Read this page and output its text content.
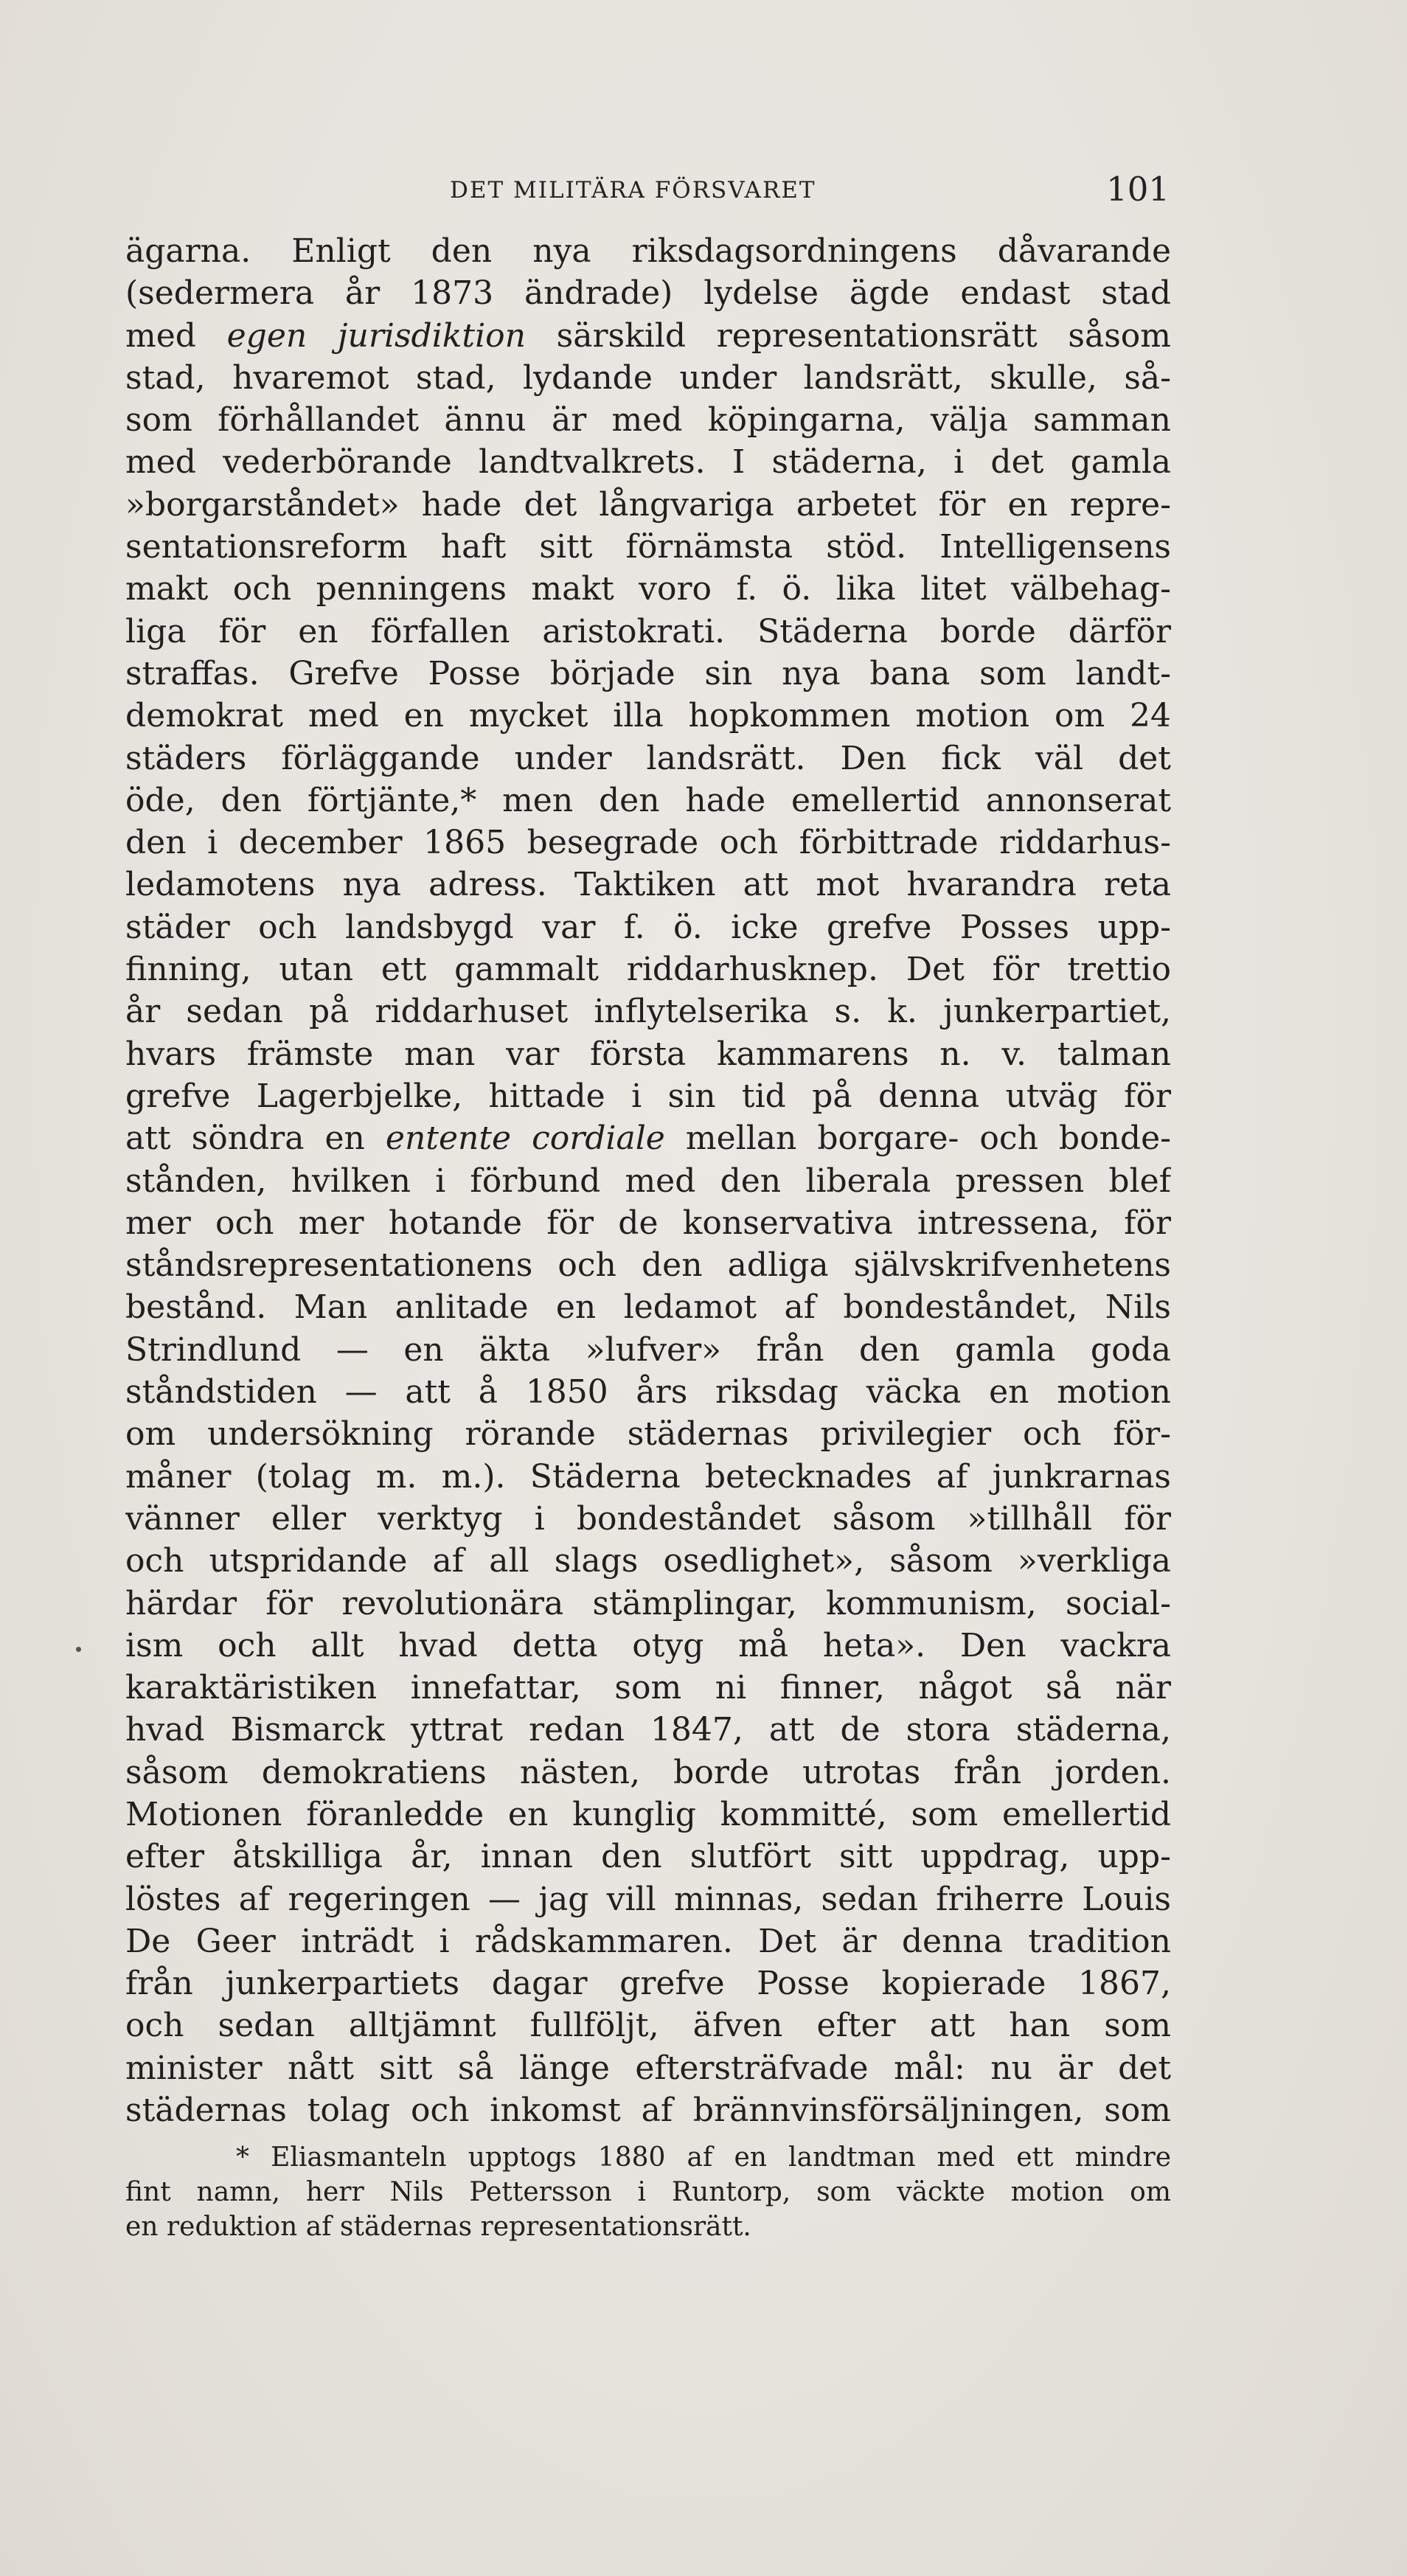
DET MILITÄRA FÖRSVARET	101
ägarna. Enligt den nya riksdagsordningens dåvarande
(sedermera år 1873 ändrade) lydelse ägde endast stad
med egen jurisdiktion särskild representationsrätt såsom
stad, hvaremot stad, lydande under landsrätt, skulle, så-
som förhållandet ännu är med köpingarna, välja samman
med vederbörande landtvalkrets. I städerna, i det gamla
»borgarståndet» hade det långvariga arbetet för en repre-
sentationsreform haft sitt förnämsta stöd. Intelligensens
makt och penningens makt voro f. ö. lika litet välbehag-
liga för en förfallen aristokrati. Städerna borde därför
straffas. Grefve Posse började sin nya bana som landt-
demokrat med en mycket illa hopkommen motion om 24
städers förläggande under landsrätt. Den fick väl det
öde, den förtjänte,* men den hade emellertid annonserat
den i december 1865 besegrade och förbittrade riddarhus-
ledamotens nya adress. Taktiken att mot hvarandra reta
städer och landsbygd var f. ö. icke grefve Posses upp-
finning, utan ett gammalt riddarhusknep. Det för trettio
år sedan på riddarhuset inflytelserika s. k. junkerpartiet,
hvars främste man var första kammarens n. v. talman
grefve Lagerbjelke, hittade i sin tid på denna utväg för
att söndra en entente cordiale mellan borgare- och bonde-
stånden, hvilken i förbund med den liberala pressen blef
mer och mer hotande för de konservativa intressena, för
ståndsrepresentationens och den adliga självskrifvenhetens
bestånd. Man anlitade en ledamot af bondeståndet, Nils
Strindlund — en äkta »lufver» från den gamla goda
ståndstiden — att å 1850 års riksdag väcka en motion
om undersökning rörande städernas privilegier och för-
måner (tolag m. m.). Städerna betecknades af junkrarnas
vänner eller verktyg i bondeståndet såsom »tillhåll för
och utspridande af all slags osedlighet», såsom »verkliga
härdar för revolutionära stämplingar, kommunism, social-
ism och allt hvad detta otyg må heta». Den vackra
karaktäristiken innefattar, som ni finner, något så när
hvad Bismarck yttrat redan 1847, att de stora städerna,
såsom demokratiens nästen, borde utrotas från jorden.
Motionen föranledde en kunglig kommitté, som emellertid
efter åtskilliga år, innan den slutfört sitt uppdrag, upp-
löstes af regeringen — jag vill minnas, sedan friherre Louis
De Geer inträdt i rådskammaren. Det är denna tradition
från junkerpartiets dagar grefve Posse kopierade 1867,
och sedan alltjämnt fullföljt, äfven efter att han som
minister nått sitt så länge eftersträfvade mål: nu är det
städernas tolag och inkomst af brännvinsförsäljningen, som
* Eliasmanteln upptogs 1880 af en landtman med ett mindre
fint namn, herr Nils Pettersson i Runtorp, som väckte motion om
en reduktion af städernas representationsrätt.
